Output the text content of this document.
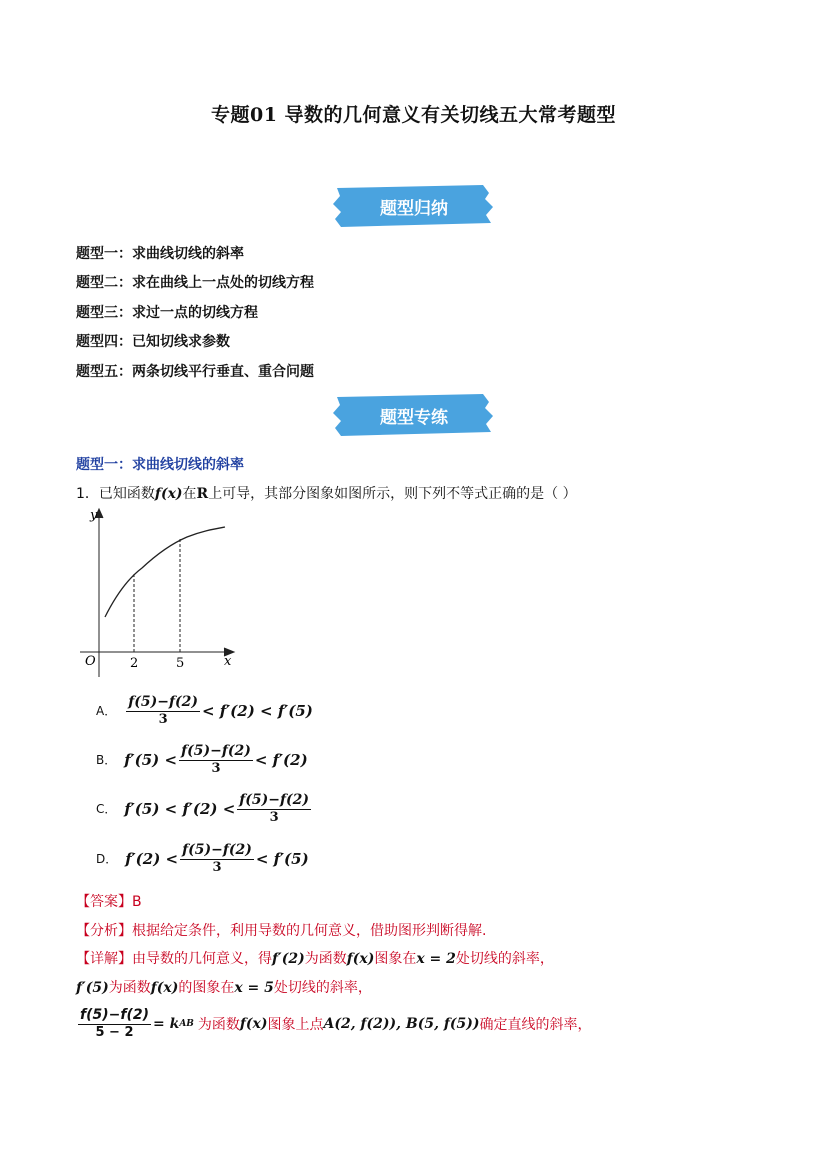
专题01 导数的几何意义有关切线五大常考题型
题型归纳
题型一：求曲线切线的斜率
题型二：求在曲线上一点处的切线方程
题型三：求过一点的切线方程
题型四：已知切线求参数
题型五：两条切线平行垂直、重合问题
题型专练
题型一：求曲线切线的斜率
1．已知函数f(x)在R上可导，其部分图象如图所示，则下列不等式正确的是（ ）
y
x
O	2	5
A． $\frac{f(5)-f(2)}{3} < f'(2) < f'(5)$
B． $f'(5) < \frac{f(5)-f(2)}{3} < f'(2)$
C． $f'(5) < f'(2) < \frac{f(5)-f(2)}{3}$
D． $f'(2) < \frac{f(5)-f(2)}{3} < f'(5)$
【答案】B
【分析】根据给定条件，利用导数的几何意义，借助图形判断得解.
【详解】由导数的几何意义，得f′(2)为函数f(x)图象在x = 2处切线的斜率，
f′(5)为函数f(x)的图象在x = 5处切线的斜率，
$\frac{f(5)-f(2)}{5 - 2} = k$ AB 为函数 f(x) 图象上点 A(2, f(2)), B(5, f(5)) 确定直线的斜率，
